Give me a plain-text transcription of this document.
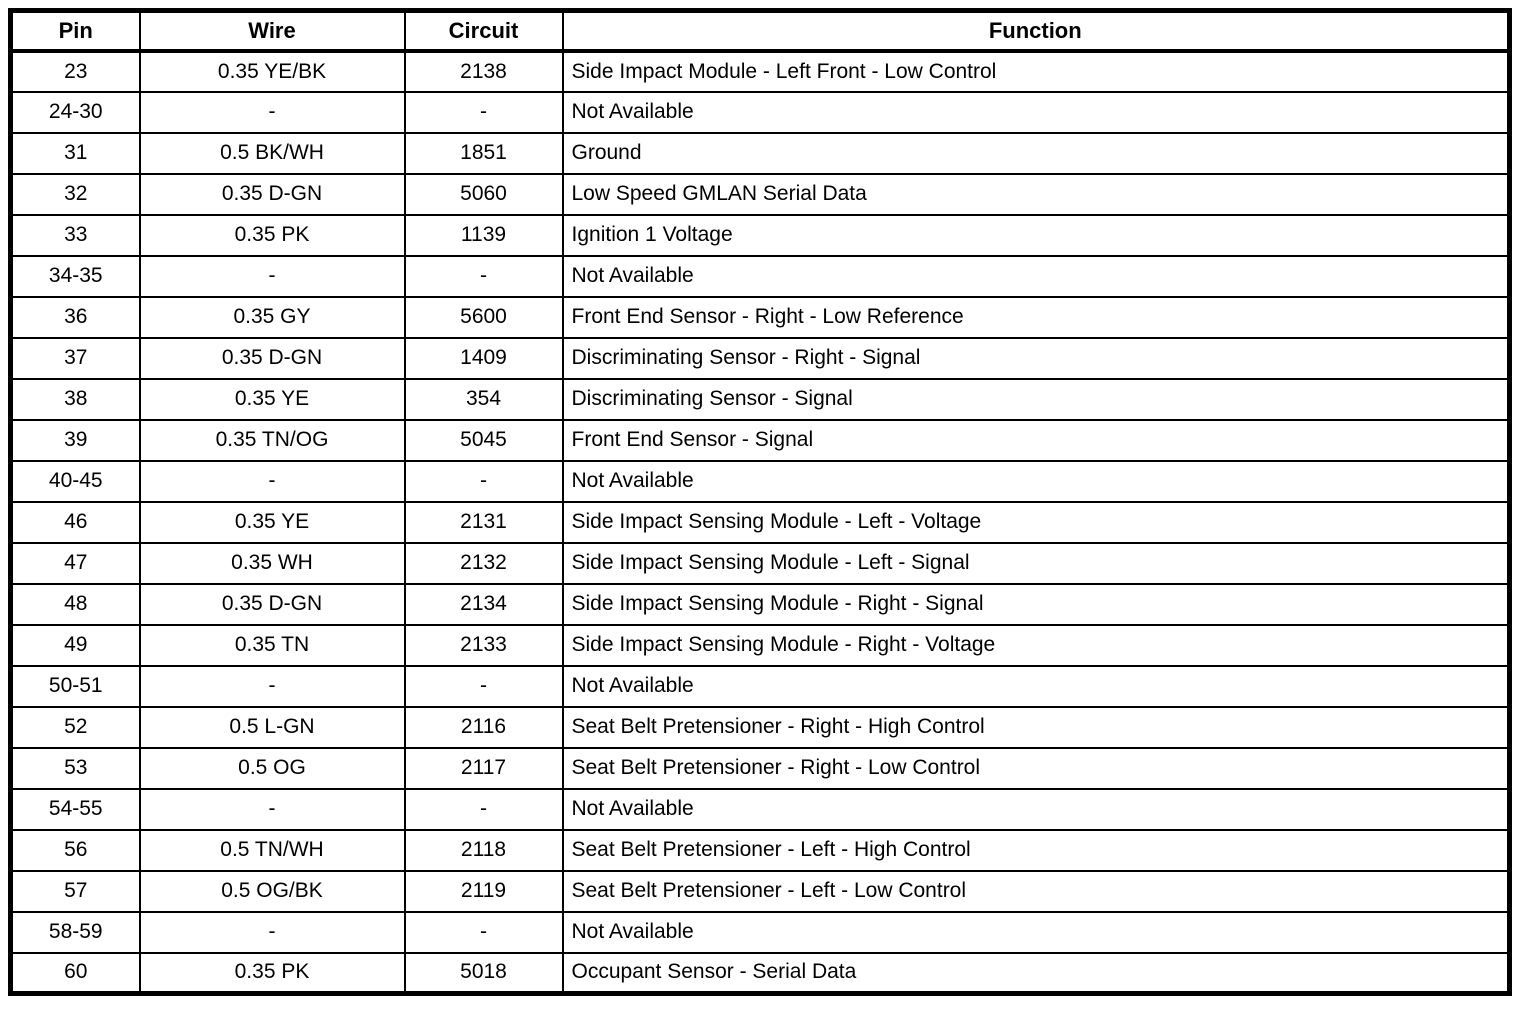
Pin	Wire	Circuit	Function
23	0.35 YE/BK	2138	Side Impact Module - Left Front - Low Control
24-30	-	-	Not Available
31	0.5 BK/WH	1851	Ground
32	0.35 D-GN	5060	Low Speed GMLAN Serial Data
33	0.35 PK	1139	Ignition 1 Voltage
34-35	-	-	Not Available
36	0.35 GY	5600	Front End Sensor - Right - Low Reference
37	0.35 D-GN	1409	Discriminating Sensor - Right - Signal
38	0.35 YE	354	Discriminating Sensor - Signal
39	0.35 TN/OG	5045	Front End Sensor - Signal
40-45	-	-	Not Available
46	0.35 YE	2131	Side Impact Sensing Module - Left - Voltage
47	0.35 WH	2132	Side Impact Sensing Module - Left - Signal
48	0.35 D-GN	2134	Side Impact Sensing Module - Right - Signal
49	0.35 TN	2133	Side Impact Sensing Module - Right - Voltage
50-51	-	-	Not Available
52	0.5 L-GN	2116	Seat Belt Pretensioner - Right - High Control
53	0.5 OG	2117	Seat Belt Pretensioner - Right - Low Control
54-55	-	-	Not Available
56	0.5 TN/WH	2118	Seat Belt Pretensioner - Left - High Control
57	0.5 OG/BK	2119	Seat Belt Pretensioner - Left - Low Control
58-59	-	-	Not Available
60	0.35 PK	5018	Occupant Sensor - Serial Data
